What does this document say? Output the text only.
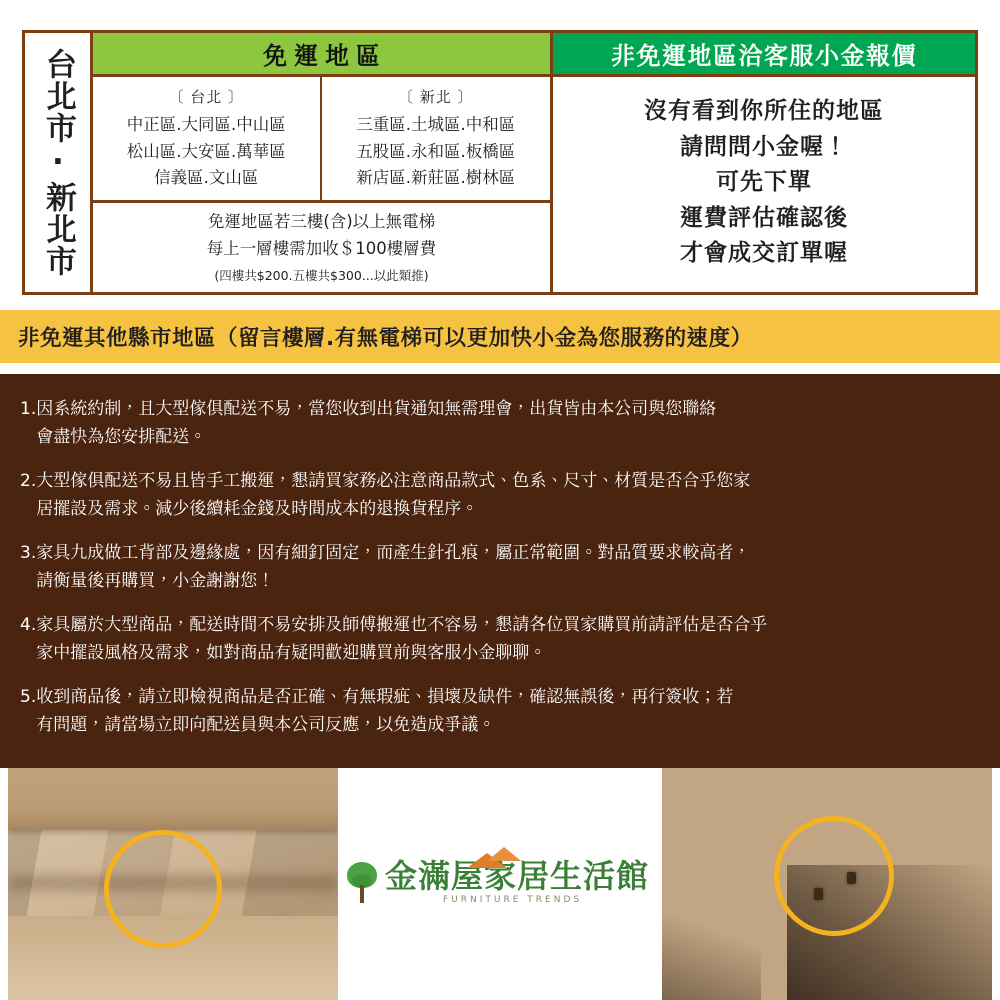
台北市‧新北市	免運地區
〔 台北 〕
中正區.大同區.中山區
松山區.大安區.萬華區
信義區.文山區
〔 新北 〕
三重區.土城區.中和區
五股區.永和區.板橋區
新店區.新莊區.樹林區
免運地區若三樓(含)以上無電梯
每上一層樓需加收＄100樓層費
(四樓共$200.五樓共$300...以此類推)
非免運地區洽客服小金報價
沒有看到你所住的地區
請問問小金喔！
可先下單
運費評估確認後
才會成交訂單喔
非免運其他縣市地區（留言樓層.有無電梯可以更加快小金為您服務的速度）
1. 因系統約制，且大型傢俱配送不易，當您收到出貨通知無需理會，出貨皆由本公司與您聯絡
會盡快為您安排配送。
2. 大型傢俱配送不易且皆手工搬運，懇請買家務必注意商品款式、色系、尺寸、材質是否合乎您家
居擺設及需求。減少後續耗金錢及時間成本的退換貨程序。
3. 家具九成做工背部及邊緣處，因有細釘固定，而產生針孔痕，屬正常範圍。對品質要求較高者，
請衡量後再購買，小金謝謝您！
4. 家具屬於大型商品，配送時間不易安排及師傅搬運也不容易，懇請各位買家購買前請評估是否合乎
家中擺設風格及需求，如對商品有疑問歡迎購買前與客服小金聊聊。
5. 收到商品後，請立即檢視商品是否正確、有無瑕疵、損壞及缺件，確認無誤後，再行簽收；若
有問題，請當場立即向配送員與本公司反應，以免造成爭議。
金滿屋家居生活館
FURNITURE TRENDS
